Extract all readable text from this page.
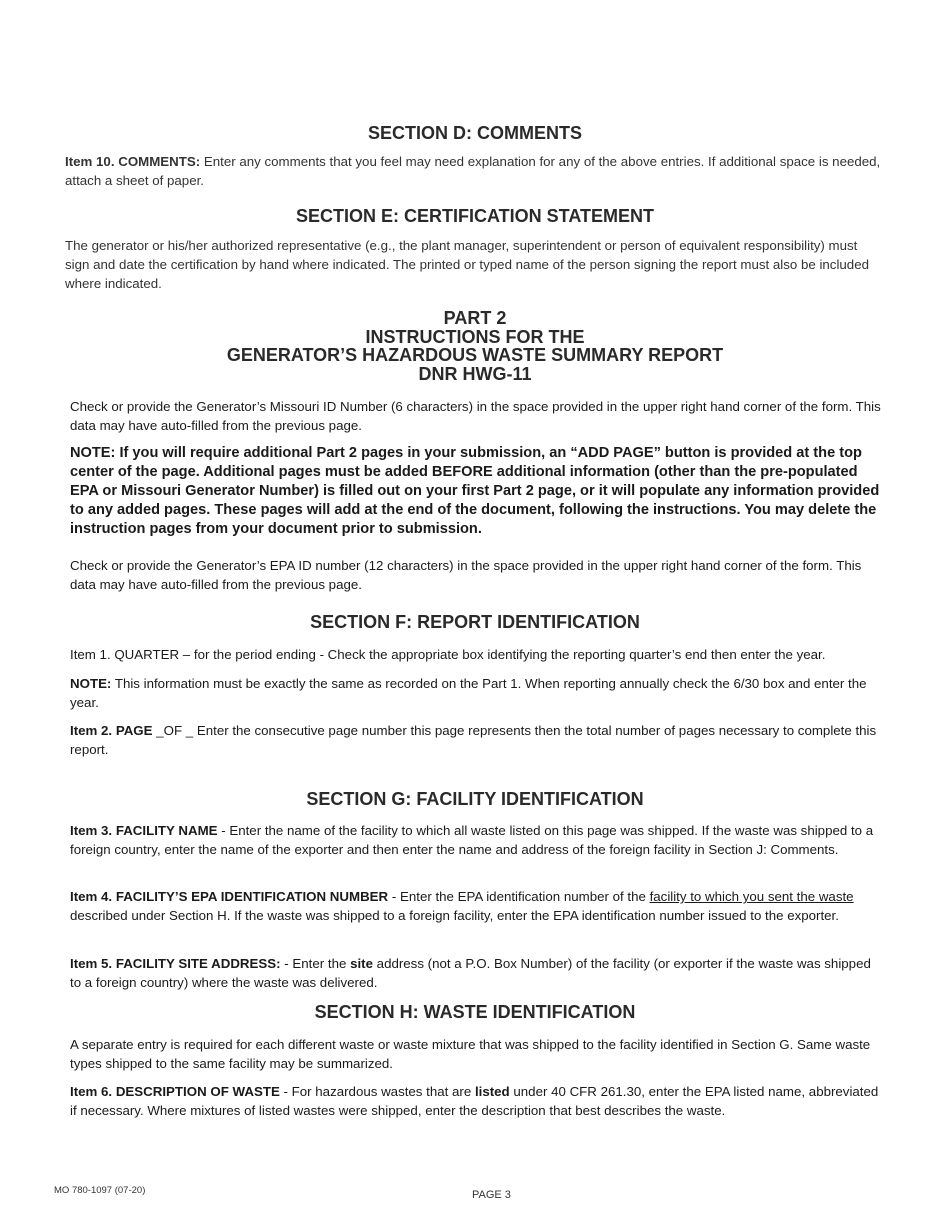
SECTION D: COMMENTS

Item 10. COMMENTS: Enter any comments that you feel may need explanation for any of the above entries. If additional space is needed, attach a sheet of paper.

SECTION E: CERTIFICATION STATEMENT

The generator or his/her authorized representative (e.g., the plant manager, superintendent or person of equivalent responsibility) must sign and date the certification by hand where indicated. The printed or typed name of the person signing the report must also be included where indicated.

PART 2
INSTRUCTIONS FOR THE
GENERATOR’S HAZARDOUS WASTE SUMMARY REPORT
DNR HWG-11

Check or provide the Generator’s Missouri ID Number (6 characters) in the space provided in the upper right hand corner of the form. This data may have auto-filled from the previous page.

NOTE: If you will require additional Part 2 pages in your submission, an “ADD PAGE” button is provided at the top center of the page. Additional pages must be added BEFORE additional information (other than the pre-populated EPA or Missouri Generator Number) is filled out on your first Part 2 page, or it will populate any information provided to any added pages. These pages will add at the end of the document, following the instructions. You may delete the instruction pages from your document prior to submission.

Check or provide the Generator’s EPA ID number (12 characters) in the space provided in the upper right hand corner of the form. This data may have auto-filled from the previous page.

SECTION F: REPORT IDENTIFICATION

Item 1. QUARTER – for the period ending - Check the appropriate box identifying the reporting quarter’s end then enter the year.

NOTE: This information must be exactly the same as recorded on the Part 1. When reporting annually check the 6/30 box and enter the year.

Item 2. PAGE _OF _ Enter the consecutive page number this page represents then the total number of pages necessary to complete this report.

SECTION G: FACILITY IDENTIFICATION

Item 3. FACILITY NAME - Enter the name of the facility to which all waste listed on this page was shipped. If the waste was shipped to a foreign country, enter the name of the exporter and then enter the name and address of the foreign facility in Section J: Comments.

Item 4. FACILITY’S EPA IDENTIFICATION NUMBER - Enter the EPA identification number of the facility to which you sent the waste described under Section H. If the waste was shipped to a foreign facility, enter the EPA identification number issued to the exporter.

Item 5. FACILITY SITE ADDRESS: - Enter the site address (not a P.O. Box Number) of the facility (or exporter if the waste was shipped to a foreign country) where the waste was delivered.

SECTION H: WASTE IDENTIFICATION

A separate entry is required for each different waste or waste mixture that was shipped to the facility identified in Section G. Same waste types shipped to the same facility may be summarized.

Item 6. DESCRIPTION OF WASTE - For hazardous wastes that are listed under 40 CFR 261.30, enter the EPA listed name, abbreviated if necessary. Where mixtures of listed wastes were shipped, enter the description that best describes the waste.

MO 780-1097 (07-20)	PAGE 3
